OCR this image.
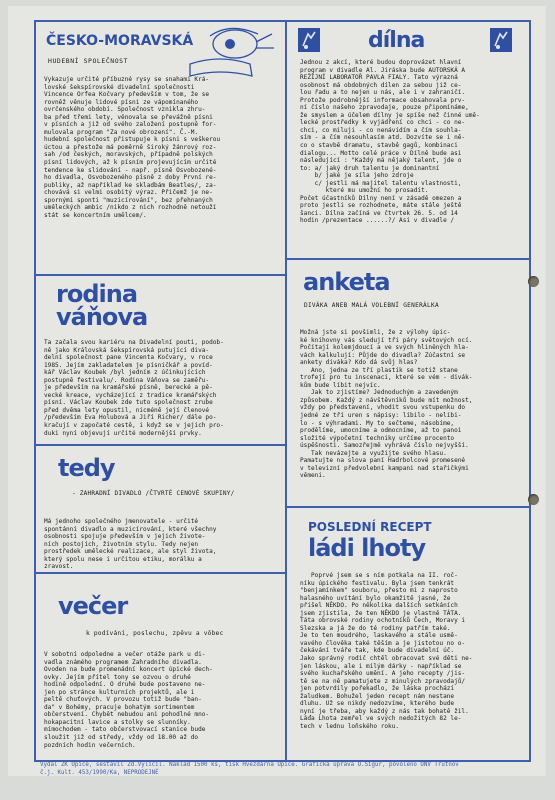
ČESKO-MORAVSKÁ
HUDEBNÍ SPOLEČNOST
Vykazuje určité příbuzné rysy se snahami Krá-
lovské šekspírovské divadelní společnosti
Vincence Orfea Kočvary především v tom, že se
rovněž věnuje lidové písni ze vápomínaného
ovrčenského období. Společnost vznikla zhru-
ba před třemi lety, věnovala se převážně písni
v písních a již od svého založení postupně for-
mulovala program "Za nové obrození". Č.-M.
hudební společnost přistupuje k písni s veškerou
úctou a přestože má poměrně široký žánrový roz-
sah /od českých, moravských, případně polských
písní lidových, až k písním projevujícím určité
tendence ke slidování - např. písně Osvobozené-
ho divadla, Osvobozeného písně z doby První re-
publiky, až například ke skladbám Beatles/, za-
chovává si velmi osobitý výraz. Přičemž je ne-
spornými sponti "muzicírování", bez přehnaných
uměleckých ambic /nikdo z nich rozhodně netouží
stát se koncertním umělcem/.
rodina
váňova
Ta začala svou kariéru na Divadelní pouti, podob-
ně jako Královská šekspírovská putující diva-
delní společnost pane Vincenta Kočvary, v roce
1985. Jejím zakladatelem je písničkář a povíd-
kář Václav Koubek /byl jedním z účinkujících
postupně festivalu/. Rodina Váňova se zaměřu-
je především na kramářské písně, berecké a pě-
vecké kreace, vycházející z tradice kramářských
písní. Václav Koubek zde tuto společnost zrube
před dvěma lety opustil, nicméně její členové
/především Eva Holubová a Jiří Richer/ dále po-
kračují v započaté cestě, i když se v jejich pro-
duki nyní objevují určité modernější prvky.
tedy
- ZAHRADNÍ DIVADLO /ČTVRTÉ CENOVÉ SKUPINY/
Má jednoho společného jmenovatele - určité
spontánní divadlo a muzicírování, které všechny
osobnosti spojuje především v jejich živote-
ních postojích, životním stylu. Tedy nejen
prostředek umělecké realizace, ale styl života,
který spolu nese i určitou etiku, morálku a
zravost.
večer
k podívání, poslechu, zpěvu a vôbec
V sobotní odpoledne a večer otáže park u di-
vadla známého programem Zahradního divadla.
Ovoden na bude promenádní koncert úpické dech-
ovky. Jejím přítel tony se ozvou o druhé
hodině odpolední. O druhé bude postaveno ne-
jen po stránce kulturních projektů, ale i
peltě chuťových. V provozu totiž bude "ban-
da" v Bohémy, pracuje bohatým sortimentem
občerstvení. Chybět nebudou ani pohodlné mno-
hokapacitní lavice a stolky se slunníky.
mímochodem - tato občerstvovací stanice bude
sloužit již od středy, vždy od 18.00 až do
pozdních hodin večerních.
dílna
Jednou z akcí, které budou doprovázet hlavní
program v divadle Al. Jiráska bude AUTORSKÁ A
REŽIJNÍ LABORATOŘ PAVLA FIALY. Tato výrazná
osobnost má obdobných dílen za sebou již ce-
lou řadu a to nejen u nás, ale i v zahraničí.
Protože podrobnější informace obsahovala prv-
ní číslo našeho zpravodaje, pouze připomínáme,
že smyslem a účelem dílny je spíše než činné umě-
lecké prostředky k vyjádření co chci - co ne-
chci, co miluji - co nenávidím a čím souhla-
sím - a čím nesouhlasím atd. Dozvíte se i ně-
co o stavbě dramatu, stavbě gagů, kombinaci
dialogu... Motto celé práce v Dílně bude asi
následující : "Každý má nějaký talent, jde o
to: a/ jaký druh talentu je dominantní
b/ jaké je síla jeho zdroje
c/ jestli má majitel talentu vlastnosti,
které mu umožní ho prosadit.
Počet účastníků Dílny není v zásadě omezen a
proto jestli se rozhodnete, máte stále ještě
šanci. Dílna začíná ve čtvrtek 26. 5. od 14
hodin /prezentace ......?/ Asi v divadle /
anketa
DIVÁKA ANEB MALÁ VOLEBNÍ GENERÁLKA
Možná jste si povšimli, že z výlohy úpic-
ké knihovny vás sledují tři páry světových ocí.
Počítají kolemjdoucí a ve svých hliněných hla-
vách kalkulují: Půjde do divadla? Zúčastní se
ankety diváka? Kdo dá svůj hlas?
Ano, jedna ze tří plastik se totiž stane
trofejí pro tu inscenaci, které se vém - divák-
kům bude líbit nejvíc.
Jak to zjistíme? Jednoduchým a zavedeným
způsobem. Každý z návštěvníků bude mít možnost,
vždy po představení, vhodit svou vstupenku do
jedné ze tří uren s nápisy: líbilo - nelíbi-
lo - s výhradami. My to sečteme, násobíme,
prodělíme, umocníme a odmocníme, až to panoi
složité výpočetní techniky určíme procento
úspěšnosti. Samozřejmě vyhrává číslo nejvyšší.
Tak nevázejte a využijte svého hlasu.
Pamatujte na slova paní Hadrbolcové promesené
v televizní předvolební kampani nad stařičkými
věmeni.
POSLEDNÍ RECEPT
ládi lhoty
Poprvé jsem se s ním potkala na II. roč-
níku úpického festivalu. Byla jsem tenkrát
"benjamínkem" souboru, přesto mi z naprosto
halasného uvítání bylo okamžitě jasné, že
přišel NĚKDO. Po několika dalších setkáních
jsem zjistila, že ten NĚKDO je vlastně TÁTA.
Táta obrovské rodiny ochotníků Čech, Moravy i
Slezska a já že do té rodiny patřím také.
Je to ten moudrého, laskavého a stále usmě-
vavého člověka také těším a je jistotou no o-
čekávání tváře tak, kde bude divadelní úč.
Jako správný rodič chtěl obracovat své děti ne-
jen láskou, ale i milým dárky - například se
svého kuchařského umění. A jeho recepty /jis-
tě se na ně pamatujete z minulých zpravodajů/
jen potvrdily pořekadlo, že láska prochází
žaludkem. Bohužel jeden recept nám nestane
dluhu. Už se nikdy nedozvíme, kterého bude
nyní je třeba, aby každý z nás tak bohatě žil.
Láďa Lhota zemřel ve svých nedožitých 82 le-
tech v lednu loňského roku.
Vydal ZK Úpice, sestavil Zd.Vyličil. Náklad 1500 ks, tisk Hvězdárna Úpice. Grafická úprava O.Šigur, povoleno ONV Trutnov
č.j. Kult. 453/1990/Ka, NEPRODEJNÉ
